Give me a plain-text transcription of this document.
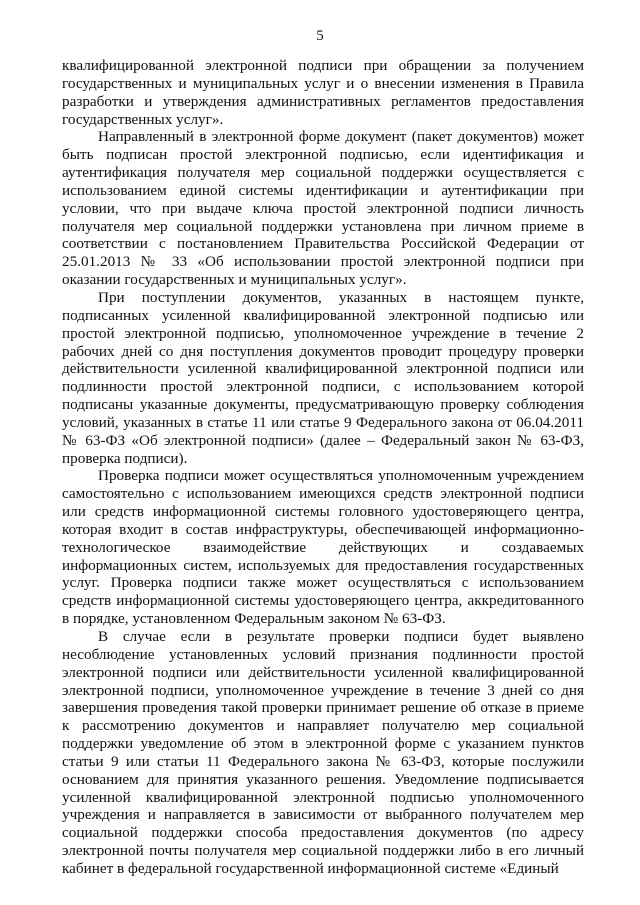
5

квалифицированной электронной подписи при обращении за получением государственных и муниципальных услуг и о внесении изменения в Правила разработки и утверждения административных регламентов предоставления государственных услуг».

Направленный в электронной форме документ (пакет документов) может быть подписан простой электронной подписью, если идентификация и аутентификация получателя мер социальной поддержки осуществляется с использованием единой системы идентификации и аутентификации при условии, что при выдаче ключа простой электронной подписи личность получателя мер социальной поддержки установлена при личном приеме в соответствии с постановлением Правительства Российской Федерации от 25.01.2013 № 33 «Об использовании простой электронной подписи при оказании государственных и муниципальных услуг».

При поступлении документов, указанных в настоящем пункте, подписанных усиленной квалифицированной электронной подписью или простой электронной подписью, уполномоченное учреждение в течение 2 рабочих дней со дня поступления документов проводит процедуру проверки действительности усиленной квалифицированной электронной подписи или подлинности простой электронной подписи, с использованием которой подписаны указанные документы, предусматривающую проверку соблюдения условий, указанных в статье 11 или статье 9 Федерального закона от 06.04.2011 № 63-ФЗ «Об электронной подписи» (далее – Федеральный закон № 63-ФЗ, проверка подписи).

Проверка подписи может осуществляться уполномоченным учреждением самостоятельно с использованием имеющихся средств электронной подписи или средств информационной системы головного удостоверяющего центра, которая входит в состав инфраструктуры, обеспечивающей информационно-технологическое взаимодействие действующих и создаваемых информационных систем, используемых для предоставления государственных услуг. Проверка подписи также может осуществляться с использованием средств информационной системы удостоверяющего центра, аккредитованного в порядке, установленном Федеральным законом № 63-ФЗ.

В случае если в результате проверки подписи будет выявлено несоблюдение установленных условий признания подлинности простой электронной подписи или действительности усиленной квалифицированной электронной подписи, уполномоченное учреждение в течение 3 дней со дня завершения проведения такой проверки принимает решение об отказе в приеме к рассмотрению документов и направляет получателю мер социальной поддержки уведомление об этом в электронной форме с указанием пунктов статьи 9 или статьи 11 Федерального закона № 63-ФЗ, которые послужили основанием для принятия указанного решения. Уведомление подписывается усиленной квалифицированной электронной подписью уполномоченного учреждения и направляется в зависимости от выбранного получателем мер социальной поддержки способа предоставления документов (по адресу электронной почты получателя мер социальной поддержки либо в его личный кабинет в федеральной государственной информационной системе «Единый
